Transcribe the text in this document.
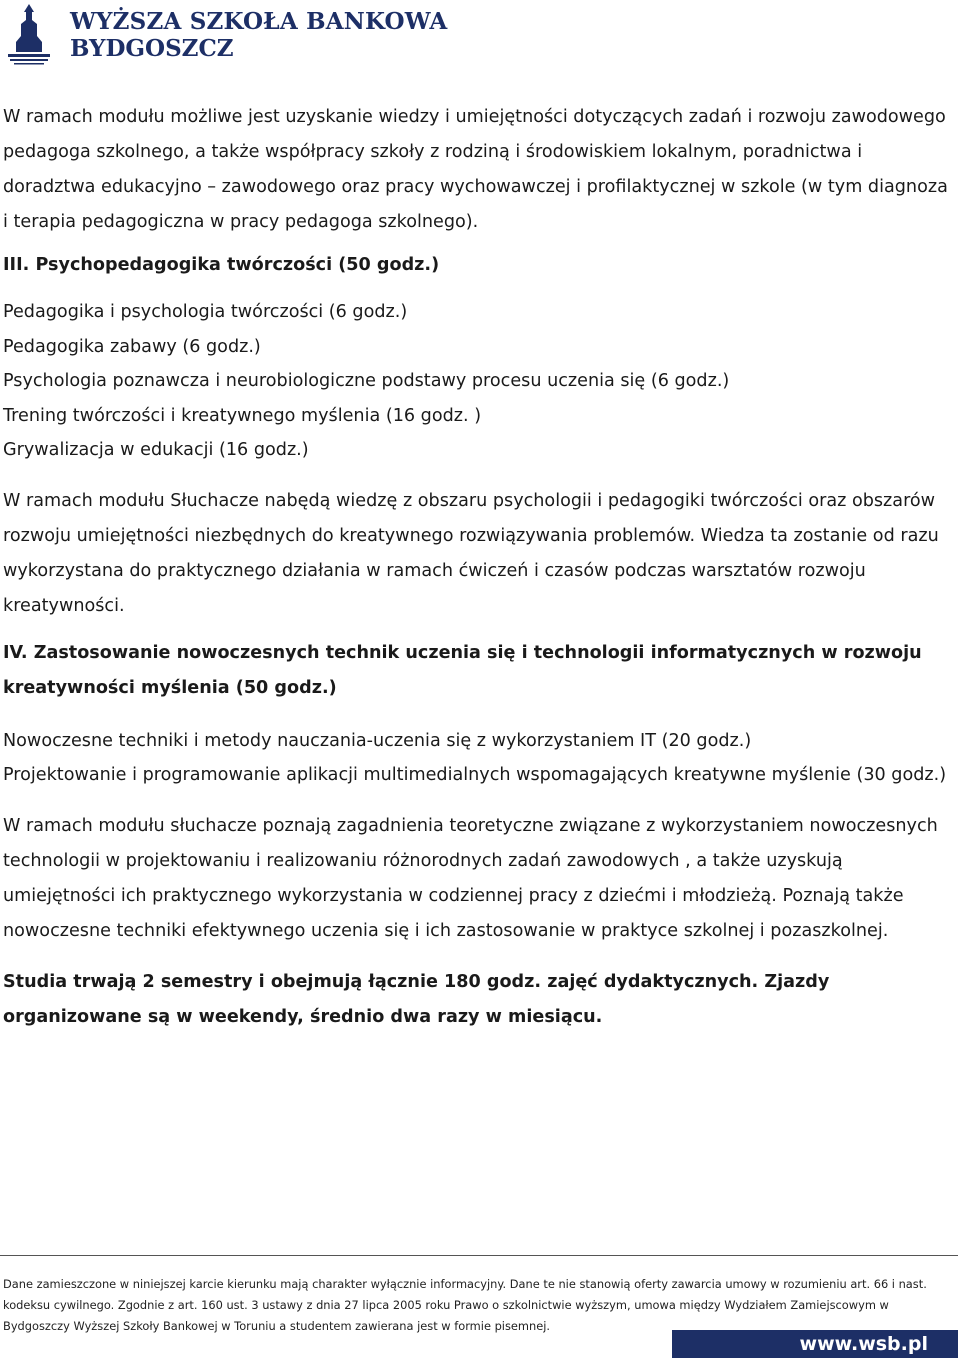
WYŻSZA SZKOŁA BANKOWA
BYDGOSZCZ

W ramach modułu możliwe jest uzyskanie wiedzy i umiejętności dotyczących zadań i rozwoju zawodowego pedagoga szkolnego, a także współpracy szkoły z rodziną i środowiskiem lokalnym, poradnictwa i doradztwa edukacyjno – zawodowego oraz pracy wychowawczej i profilaktycznej w szkole (w tym diagnoza i terapia pedagogiczna w pracy pedagoga szkolnego).

III. Psychopedagogika twórczości (50 godz.)

Pedagogika i psychologia twórczości (6 godz.)
Pedagogika zabawy (6 godz.)
Psychologia poznawcza i neurobiologiczne podstawy procesu uczenia się (6 godz.)
Trening twórczości i kreatywnego myślenia (16 godz. )
Grywalizacja w edukacji (16 godz.)

W ramach modułu Słuchacze nabędą wiedzę z obszaru psychologii i pedagogiki twórczości oraz obszarów rozwoju umiejętności niezbędnych do kreatywnego rozwiązywania problemów. Wiedza ta zostanie od razu wykorzystana do praktycznego działania w ramach ćwiczeń i czasów podczas warsztatów rozwoju kreatywności.

IV. Zastosowanie nowoczesnych technik uczenia się i technologii informatycznych w rozwoju kreatywności myślenia (50 godz.)

Nowoczesne techniki i metody nauczania-uczenia się z wykorzystaniem IT (20 godz.)
Projektowanie i programowanie aplikacji multimedialnych wspomagających kreatywne myślenie (30 godz.)

W ramach modułu słuchacze poznają zagadnienia teoretyczne związane z wykorzystaniem nowoczesnych technologii w projektowaniu i realizowaniu różnorodnych zadań zawodowych , a także uzyskują umiejętności ich praktycznego wykorzystania w codziennej pracy z dziećmi i młodzieżą. Poznają także nowoczesne techniki efektywnego uczenia się i ich zastosowanie w praktyce szkolnej i pozaszkolnej.

Studia trwają 2 semestry i obejmują łącznie 180 godz. zajęć dydaktycznych. Zjazdy organizowane są w weekendy, średnio dwa razy w miesiącu.

Dane zamieszczone w niniejszej karcie kierunku mają charakter wyłącznie informacyjny. Dane te nie stanowią oferty zawarcia umowy w rozumieniu art. 66 i nast. kodeksu cywilnego. Zgodnie z art. 160 ust. 3 ustawy z dnia 27 lipca 2005 roku Prawo o szkolnictwie wyższym, umowa między Wydziałem Zamiejscowym w Bydgoszczy Wyższej Szkoły Bankowej w Toruniu a studentem zawierana jest w formie pisemnej.
www.wsb.pl
